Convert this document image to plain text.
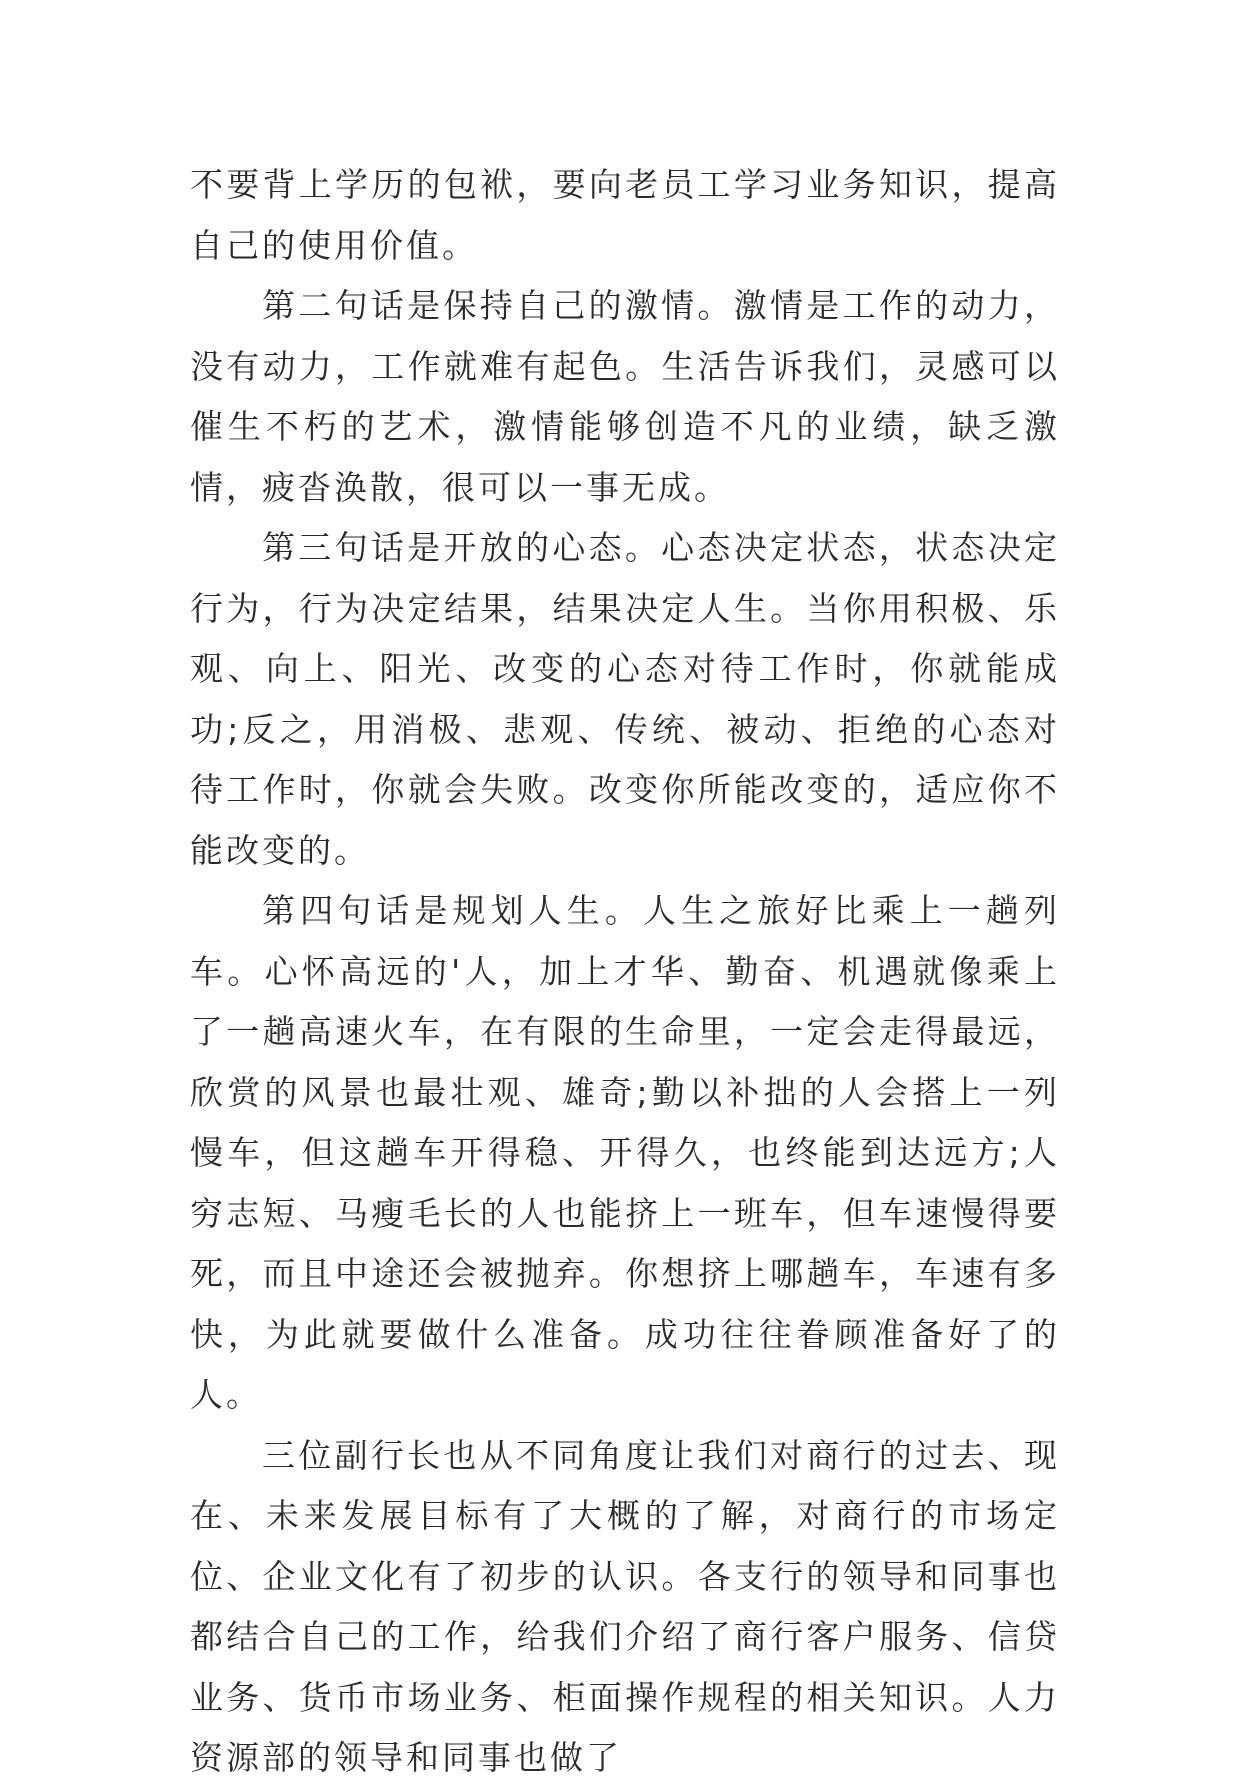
不要背上学历的包袱，要向老员工学习业务知识，提高自己的使用价值。

第二句话是保持自己的激情。激情是工作的动力，没有动力，工作就难有起色。生活告诉我们，灵感可以催生不朽的艺术，激情能够创造不凡的业绩，缺乏激情，疲沓涣散，很可以一事无成。

第三句话是开放的心态。心态决定状态，状态决定行为，行为决定结果，结果决定人生。当你用积极、乐观、向上、阳光、改变的心态对待工作时，你就能成功;反之，用消极、悲观、传统、被动、拒绝的心态对待工作时，你就会失败。改变你所能改变的，适应你不能改变的。

第四句话是规划人生。人生之旅好比乘上一趟列车。心怀高远的'人，加上才华、勤奋、机遇就像乘上了一趟高速火车，在有限的生命里，一定会走得最远，欣赏的风景也最壮观、雄奇;勤以补拙的人会搭上一列慢车，但这趟车开得稳、开得久，也终能到达远方;人穷志短、马瘦毛长的人也能挤上一班车，但车速慢得要死，而且中途还会被抛弃。你想挤上哪趟车，车速有多快，为此就要做什么准备。成功往往眷顾准备好了的人。

三位副行长也从不同角度让我们对商行的过去、现在、未来发展目标有了大概的了解，对商行的市场定位、企业文化有了初步的认识。各支行的领导和同事也都结合自己的工作，给我们介绍了商行客户服务、信贷业务、货币市场业务、柜面操作规程的相关知识。人力资源部的领导和同事也做了
